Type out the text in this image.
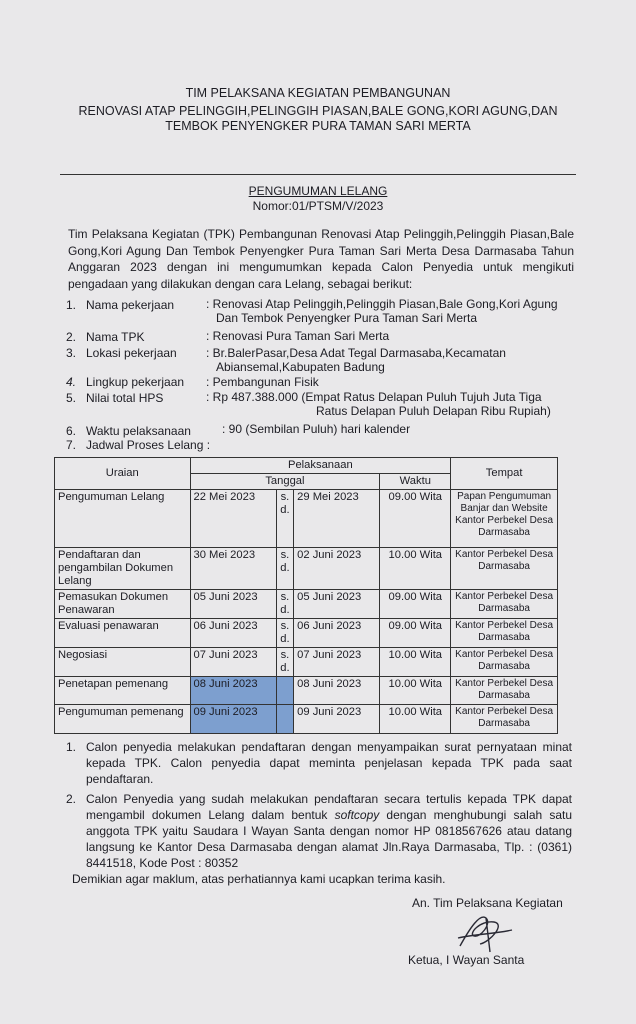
TIM PELAKSANA KEGIATAN PEMBANGUNAN
RENOVASI ATAP PELINGGIH,PELINGGIH PIASAN,BALE GONG,KORI AGUNG,DAN TEMBOK PENYENGKER PURA TAMAN SARI MERTA
PENGUMUMAN LELANG
Nomor:01/PTSM/V/2023
Tim Pelaksana Kegiatan (TPK) Pembangunan Renovasi Atap Pelinggih,Pelinggih Piasan,Bale Gong,Kori Agung Dan Tembok Penyengker Pura Taman Sari Merta Desa Darmasaba Tahun Anggaran 2023 dengan ini mengumumkan kepada Calon Penyedia untuk mengikuti pengadaan yang dilakukan dengan cara Lelang, sebagai berikut:
1. Nama pekerjaan	: Renovasi Atap Pelinggih,Pelinggih Piasan,Bale Gong,Kori Agung
Dan Tembok Penyengker Pura Taman Sari Merta
2. Nama TPK	: Renovasi Pura Taman Sari Merta
3. Lokasi pekerjaan : Br.BalerPasar,Desa Adat Tegal Darmasaba,Kecamatan
Abiansemal,Kabupaten Badung
4. Lingkup pekerjaan : Pembangunan Fisik
5. Nilai total HPS	: Rp 487.388.000 (Empat Ratus Delapan Puluh Tujuh Juta Tiga
Ratus Delapan Puluh Delapan Ribu Rupiah)
6. Waktu pelaksanaan	: 90 (Sembilan Puluh) hari kalender
7. Jadwal Proses Lelang :
Uraian	Pelaksanaan				Tempat
	Tanggal			Waktu	
Pengumuman Lelang	22 Mei 2023	s. d.	29 Mei 2023	09.00 Wita	Papan Pengumuman Banjar dan Website Kantor Perbekel Desa Darmasaba
Pendaftaran dan pengambilan Dokumen Lelang	30 Mei 2023	s. d.	02 Juni 2023	10.00 Wita	Kantor Perbekel Desa Darmasaba
Pemasukan Dokumen Penawaran	05 Juni 2023	s. d.	05 Juni 2023	09.00 Wita	Kantor Perbekel Desa Darmasaba
Evaluasi penawaran	06 Juni 2023	s. d.	06 Juni 2023	09.00 Wita	Kantor Perbekel Desa Darmasaba
Negosiasi	07 Juni 2023	s. d.	07 Juni 2023	10.00 Wita	Kantor Perbekel Desa Darmasaba
Penetapan pemenang	08 Juni 2023		08 Juni 2023	10.00 Wita	Kantor Perbekel Desa Darmasaba
Pengumuman pemenang	09 Juni 2023		09 Juni 2023	10.00 Wita	Kantor Perbekel Desa Darmasaba
1. Calon penyedia melakukan pendaftaran dengan menyampaikan surat pernyataan minat kepada TPK. Calon penyedia dapat meminta penjelasan kepada TPK pada saat pendaftaran.
2. Calon Penyedia yang sudah melakukan pendaftaran secara tertulis kepada TPK dapat mengambil dokumen Lelang dalam bentuk softcopy dengan menghubungi salah satu anggota TPK yaitu Saudara I Wayan Santa dengan nomor HP 0818567626 atau datang langsung ke Kantor Desa Darmasaba dengan alamat Jln.Raya Darmasaba, Tlp. : (0361) 8441518, Kode Post : 80352
Demikian agar maklum, atas perhatiannya kami ucapkan terima kasih.
An. Tim Pelaksana Kegiatan
Ketua, I Wayan Santa
